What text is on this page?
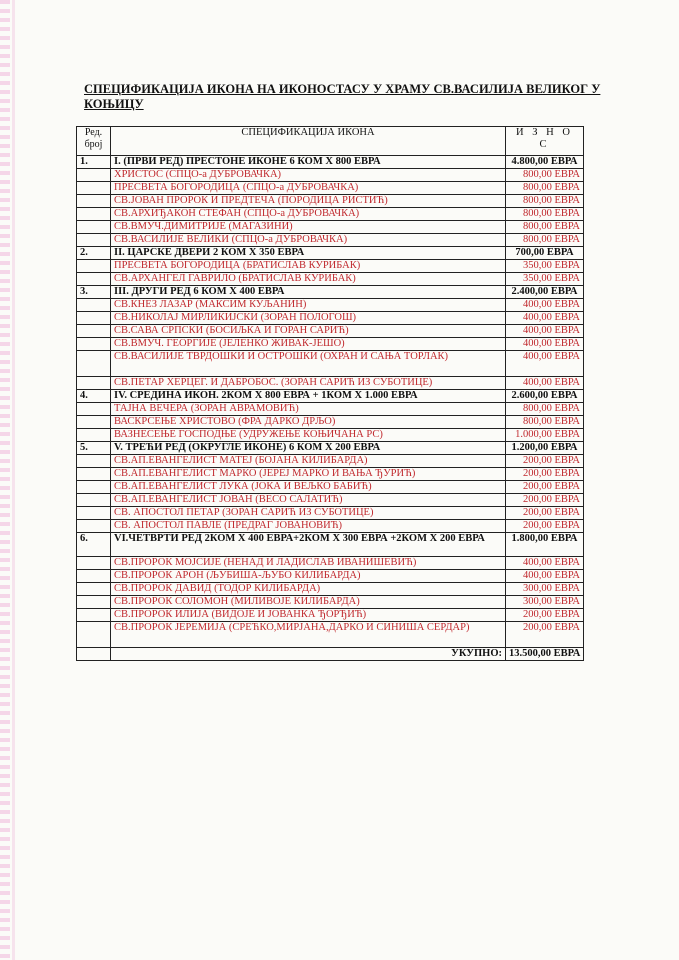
СПЕЦИФИКАЦИЈА ИКОНА НА ИКОНОСТАСУ У ХРАМУ СВ.ВАСИЛИЈА ВЕЛИКОГ У КОЊИЦУ
Ред. број	СПЕЦИФИКАЦИЈА ИКОНА	И З Н О С
1.	I. (ПРВИ РЕД) ПРЕСТОНЕ ИКОНЕ 6 КОМ Х 800 ЕВРА	4.800,00 ЕВРА
	ХРИСТОС (СПЦО-а ДУБРОВАЧКА)	800,00 ЕВРА
	ПРЕСВЕТА БОГОРОДИЦА (СПЦО-а ДУБРОВАЧКА)	800,00 ЕВРА
	СВ.ЈОВАН ПРОРОК И ПРЕДТЕЧА (ПОРОДИЦА РИСТИЋ)	800,00 ЕВРА
	СВ.АРХИЂАКОН СТЕФАН (СПЦО-а ДУБРОВАЧКА)	800,00 ЕВРА
	СВ.ВМУЧ.ДИМИТРИЈЕ (МАГАЗИНИ)	800,00 ЕВРА
	СВ.ВАСИЛИЈЕ ВЕЛИКИ (СПЦО-а ДУБРОВАЧКА)	800,00 ЕВРА
2.	II. ЦАРСКЕ ДВЕРИ 2 КОМ Х 350 ЕВРА	700,00 ЕВРА
	ПРЕСВЕТА БОГОРОДИЦА (БРАТИСЛАВ КУРИБАК)	350,00 ЕВРА
	СВ.АРХАНГЕЛ ГАВРИЛО (БРАТИСЛАВ КУРИБАК)	350,00 ЕВРА
3.	III. ДРУГИ РЕД 6 КОМ Х 400 ЕВРА	2.400,00 ЕВРА
	СВ.КНЕЗ ЛАЗАР (МАКСИМ КУЉАНИН)	400,00 ЕВРА
	СВ.НИКОЛАЈ МИРЛИКИЈСКИ (ЗОРАН ПОЛОГОШ)	400,00 ЕВРА
	СВ.САВА СРПСКИ (БОСИЉКА И ГОРАН САРИЋ)	400,00 ЕВРА
	СВ.ВМУЧ. ГЕОРГИЈЕ (ЈЕЛЕНКО ЖИВАК-ЈЕШО)	400,00 ЕВРА
	СВ.ВАСИЛИЈЕ ТВРДОШКИ И ОСТРОШКИ (ОХРАН И САЊА ТОРЛАК)	400,00 ЕВРА
	СВ.ПЕТАР ХЕРЦЕГ. И ДАБРОБОС. (ЗОРАН САРИЋ ИЗ СУБОТИЦЕ)	400,00 ЕВРА
4.	IV. СРЕДИНА ИКОН. 2КОМ Х 800 ЕВРА + 1КОМ Х 1.000 ЕВРА	2.600,00 ЕВРА
	ТАЈНА ВЕЧЕРА (ЗОРАН АВРАМОВИЋ)	800,00 ЕВРА
	ВАСКРСЕЊЕ ХРИСТОВО (ФРА ДАРКО ДРЉО)	800,00 ЕВРА
	ВАЗНЕСЕЊЕ ГОСПОДЊЕ (УДРУЖЕЊЕ КОЊИЧАНА РС)	1.000,00 ЕВРА
5.	V. ТРЕЋИ РЕД (ОКРУГЛЕ ИКОНЕ) 6 КОМ Х 200 ЕВРА	1.200,00 ЕВРА
	СВ.АП.ЕВАНГЕЛИСТ МАТЕЈ (БОЈАНА КИЛИБАРДА)	200,00 ЕВРА
	СВ.АП.ЕВАНГЕЛИСТ МАРКО (ЈЕРЕЈ МАРКО И ВАЊА ЂУРИЋ)	200,00 ЕВРА
	СВ.АП.ЕВАНГЕЛИСТ ЛУКА (ЈОКА И ВЕЉКО БАБИЋ)	200,00 ЕВРА
	СВ.АП.ЕВАНГЕЛИСТ ЈОВАН (ВЕСО САЛАТИЋ)	200,00 ЕВРА
	СВ. АПОСТОЛ ПЕТАР (ЗОРАН САРИЋ ИЗ СУБОТИЦЕ)	200,00 ЕВРА
	СВ. АПОСТОЛ ПАВЛЕ (ПРЕДРАГ ЈОВАНОВИЋ)	200,00 ЕВРА
6.	VI.ЧЕТВРТИ РЕД 2КОМ Х 400 ЕВРА+2КОМ Х 300 ЕВРА +2КОМ Х 200 ЕВРА	1.800,00 ЕВРА
	СВ.ПРОРОК МОЈСИЈЕ (НЕНАД И ЛАДИСЛАВ ИВАНИШЕВИЋ)	400,00 ЕВРА
	СВ.ПРОРОК АРОН (ЉУБИША-ЉУБО КИЛИБАРДА)	400,00 ЕВРА
	СВ.ПРОРОК ДАВИД (ТОДОР КИЛИБАРДА)	300,00 ЕВРА
	СВ.ПРОРОК СОЛОМОН (МИЛИВОЈЕ КИЛИБАРДА)	300,00 ЕВРА
	СВ.ПРОРОК ИЛИЈА (ВИДОЈЕ И ЈОВАНКА ЂОРЂИЋ)	200,00 ЕВРА
	СВ.ПРОРОК ЈЕРЕМИЈА (СРЕЋКО,МИРЈАНА,ДАРКО И СИНИША СЕРДАР)	200,00 ЕВРА
	УКУПНО:	13.500,00 ЕВРА
